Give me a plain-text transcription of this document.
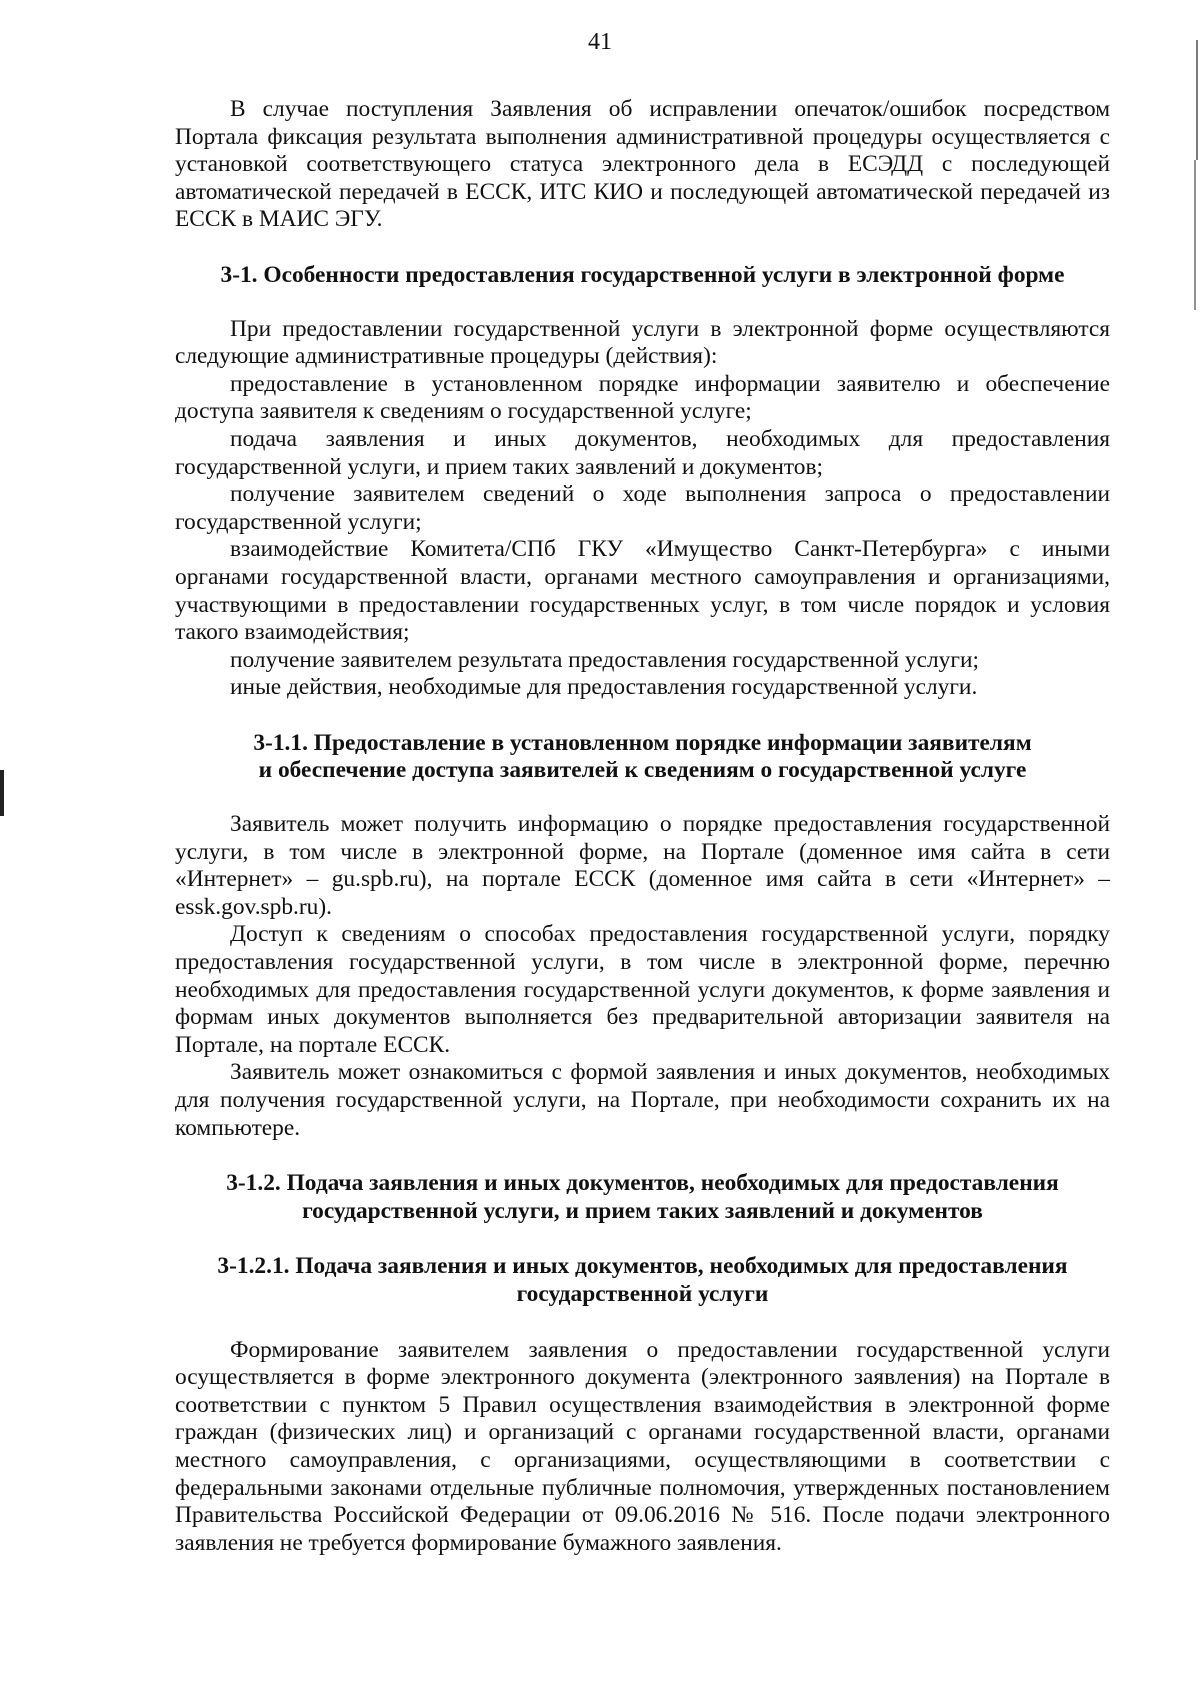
41

В случае поступления Заявления об исправлении опечаток/ошибок посредством Портала фиксация результата выполнения административной процедуры осуществляется с установкой соответствующего статуса электронного дела в ЕСЭДД с последующей автоматической передачей в ЕССК, ИТС КИО и последующей автоматической передачей из ЕССК в МАИС ЭГУ.

3-1. Особенности предоставления государственной услуги в электронной форме

При предоставлении государственной услуги в электронной форме осуществляются следующие административные процедуры (действия):

предоставление в установленном порядке информации заявителю и обеспечение доступа заявителя к сведениям о государственной услуге;

подача заявления и иных документов, необходимых для предоставления государственной услуги, и прием таких заявлений и документов;

получение заявителем сведений о ходе выполнения запроса о предоставлении государственной услуги;

взаимодействие Комитета/СПб ГКУ «Имущество Санкт-Петербурга» с иными органами государственной власти, органами местного самоуправления и организациями, участвующими в предоставлении государственных услуг, в том числе порядок и условия такого взаимодействия;

получение заявителем результата предоставления государственной услуги;

иные действия, необходимые для предоставления государственной услуги.

3-1.1. Предоставление в установленном порядке информации заявителям
и обеспечение доступа заявителей к сведениям о государственной услуге

Заявитель может получить информацию о порядке предоставления государственной услуги, в том числе в электронной форме, на Портале (доменное имя сайта в сети «Интернет» – gu.spb.ru), на портале ЕССК (доменное имя сайта в сети «Интернет» – essk.gov.spb.ru).

Доступ к сведениям о способах предоставления государственной услуги, порядку предоставления государственной услуги, в том числе в электронной форме, перечню необходимых для предоставления государственной услуги документов, к форме заявления и формам иных документов выполняется без предварительной авторизации заявителя на Портале, на портале ЕССК.

Заявитель может ознакомиться с формой заявления и иных документов, необходимых для получения государственной услуги, на Портале, при необходимости сохранить их на компьютере.

3-1.2. Подача заявления и иных документов, необходимых для предоставления
государственной услуги, и прием таких заявлений и документов
3-1.2.1. Подача заявления и иных документов, необходимых для предоставления
государственной услуги

Формирование заявителем заявления о предоставлении государственной услуги осуществляется в форме электронного документа (электронного заявления) на Портале в соответствии с пунктом 5 Правил осуществления взаимодействия в электронной форме граждан (физических лиц) и организаций с органами государственной власти, органами местного самоуправления, с организациями, осуществляющими в соответствии с федеральными законами отдельные публичные полномочия, утвержденных постановлением Правительства Российской Федерации от 09.06.2016 № 516. После подачи электронного заявления не требуется формирование бумажного заявления.
